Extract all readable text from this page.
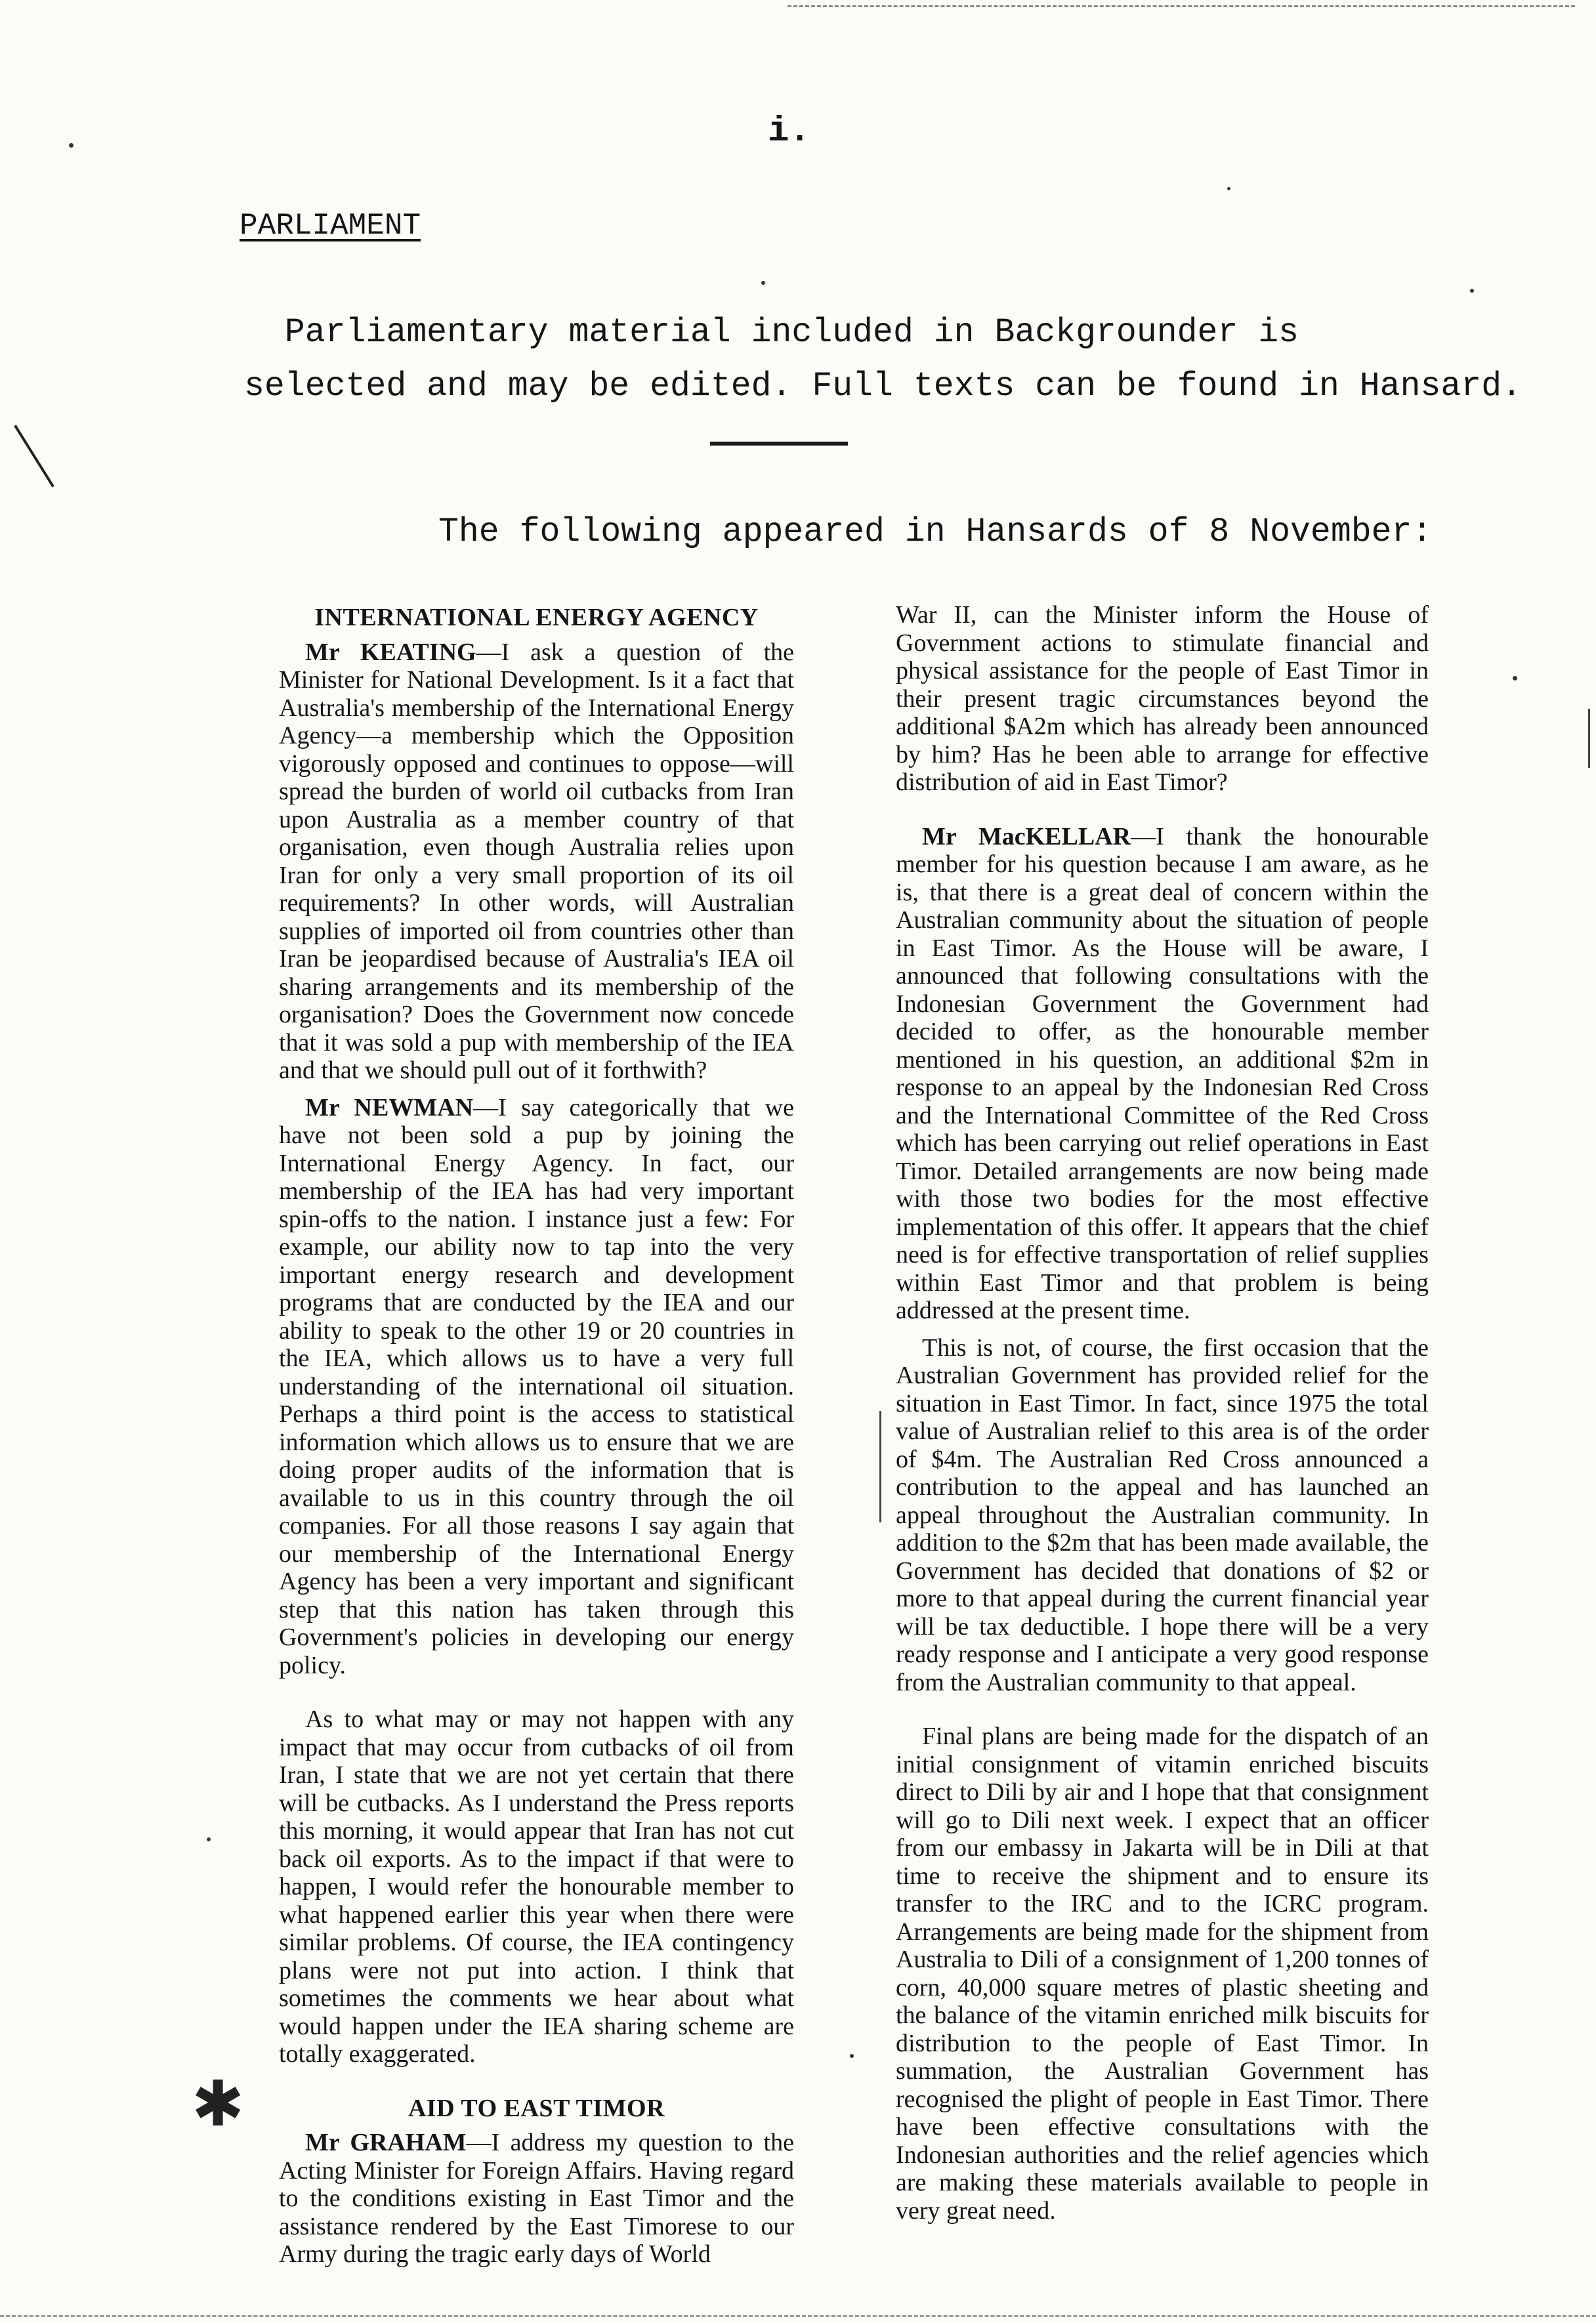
i.
PARLIAMENT
Parliamentary material included in Backgrounder is
selected and may be edited. Full texts can be found in Hansard.
The following appeared in Hansards of 8 November:
INTERNATIONAL ENERGY AGENCY

Mr KEATING—I ask a question of the Minister for National Development. Is it a fact that Australia's membership of the International Energy Agency—a membership which the Opposition vigorously opposed and continues to oppose—will spread the burden of world oil cutbacks from Iran upon Australia as a member country of that organisation, even though Australia relies upon Iran for only a very small proportion of its oil requirements? In other words, will Australian supplies of imported oil from countries other than Iran be jeopardised because of Australia's IEA oil sharing arrangements and its membership of the organisation? Does the Government now concede that it was sold a pup with membership of the IEA and that we should pull out of it forthwith?

Mr NEWMAN—I say categorically that we have not been sold a pup by joining the International Energy Agency. In fact, our membership of the IEA has had very important spin-offs to the nation. I instance just a few: For example, our ability now to tap into the very important energy research and development programs that are conducted by the IEA and our ability to speak to the other 19 or 20 countries in the IEA, which allows us to have a very full understanding of the international oil situation. Perhaps a third point is the access to statistical information which allows us to ensure that we are doing proper audits of the information that is available to us in this country through the oil companies. For all those reasons I say again that our membership of the International Energy Agency has been a very important and significant step that this nation has taken through this Government's policies in developing our energy policy.

As to what may or may not happen with any impact that may occur from cutbacks of oil from Iran, I state that we are not yet certain that there will be cutbacks. As I understand the Press reports this morning, it would appear that Iran has not cut back oil exports. As to the impact if that were to happen, I would refer the honourable member to what happened earlier this year when there were similar problems. Of course, the IEA contingency plans were not put into action. I think that sometimes the comments we hear about what would happen under the IEA sharing scheme are totally exaggerated.

AID TO EAST TIMOR

Mr GRAHAM—I address my question to the Acting Minister for Foreign Affairs. Having regard to the conditions existing in East Timor and the assistance rendered by the East Timorese to our Army during the tragic early days of World

War II, can the Minister inform the House of Government actions to stimulate financial and physical assistance for the people of East Timor in their present tragic circumstances beyond the additional $A2m which has already been announced by him? Has he been able to arrange for effective distribution of aid in East Timor?

Mr MacKELLAR—I thank the honourable member for his question because I am aware, as he is, that there is a great deal of concern within the Australian community about the situation of people in East Timor. As the House will be aware, I announced that following consultations with the Indonesian Government the Government had decided to offer, as the honourable member mentioned in his question, an additional $2m in response to an appeal by the Indonesian Red Cross and the International Committee of the Red Cross which has been carrying out relief operations in East Timor. Detailed arrangements are now being made with those two bodies for the most effective implementation of this offer. It appears that the chief need is for effective transportation of relief supplies within East Timor and that problem is being addressed at the present time.

This is not, of course, the first occasion that the Australian Government has provided relief for the situation in East Timor. In fact, since 1975 the total value of Australian relief to this area is of the order of $4m. The Australian Red Cross announced a contribution to the appeal and has launched an appeal throughout the Australian community. In addition to the $2m that has been made available, the Government has decided that donations of $2 or more to that appeal during the current financial year will be tax deductible. I hope there will be a very ready response and I anticipate a very good response from the Australian community to that appeal.

Final plans are being made for the dispatch of an initial consignment of vitamin enriched biscuits direct to Dili by air and I hope that that consignment will go to Dili next week. I expect that an officer from our embassy in Jakarta will be in Dili at that time to receive the shipment and to ensure its transfer to the IRC and to the ICRC program. Arrangements are being made for the shipment from Australia to Dili of a consignment of 1,200 tonnes of corn, 40,000 square metres of plastic sheeting and the balance of the vitamin enriched milk biscuits for distribution to the people of East Timor. In summation, the Australian Government has recognised the plight of people in East Timor. There have been effective consultations with the Indonesian authorities and the relief agencies which are making these materials available to people in very great need.

✱
